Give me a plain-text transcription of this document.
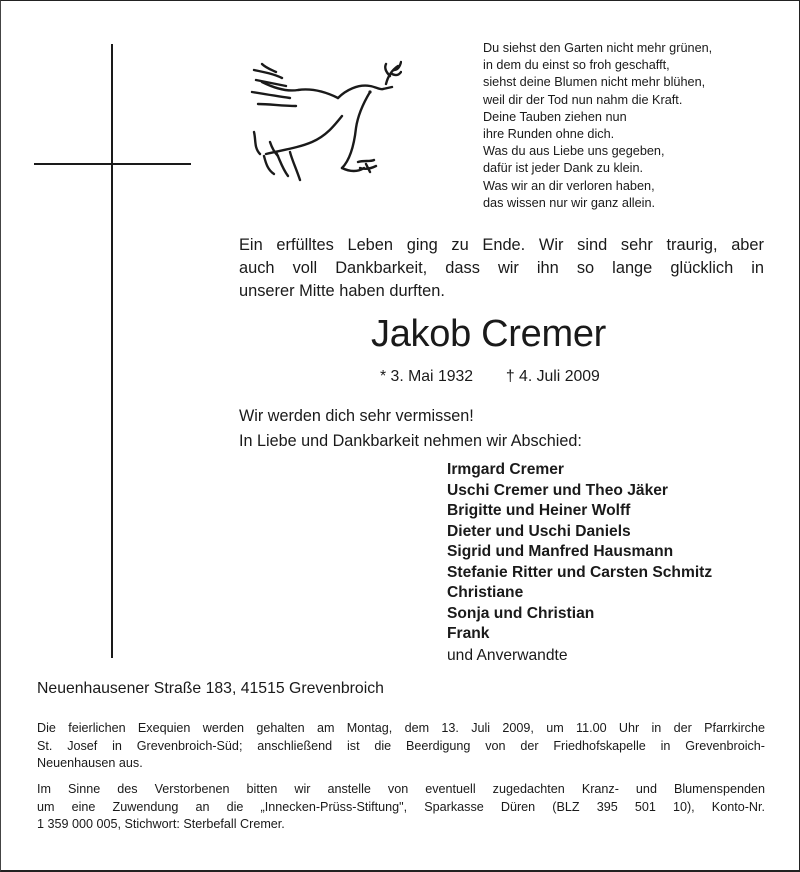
Du siehst den Garten nicht mehr grünen,
in dem du einst so froh geschafft,
siehst deine Blumen nicht mehr blühen,
weil dir der Tod nun nahm die Kraft.
Deine Tauben ziehen nun
ihre Runden ohne dich.
Was du aus Liebe uns gegeben,
dafür ist jeder Dank zu klein.
Was wir an dir verloren haben,
das wissen nur wir ganz allein.
Ein erfülltes Leben ging zu Ende. Wir sind sehr traurig, aber
auch voll Dankbarkeit, dass wir ihn so lange glücklich in
unserer Mitte haben durften.
Jakob Cremer
* 3. Mai 1932 † 4. Juli 2009
Wir werden dich sehr vermissen!
In Liebe und Dankbarkeit nehmen wir Abschied:
Irmgard Cremer
Uschi Cremer und Theo Jäker
Brigitte und Heiner Wolff
Dieter und Uschi Daniels
Sigrid und Manfred Hausmann
Stefanie Ritter und Carsten Schmitz
Christiane
Sonja und Christian
Frank
und Anverwandte
Neuenhausener Straße 183, 41515 Grevenbroich
Die feierlichen Exequien werden gehalten am Montag, dem 13. Juli 2009, um 11.00 Uhr in der Pfarrkirche
St. Josef in Grevenbroich-Süd; anschließend ist die Beerdigung von der Friedhofskapelle in Grevenbroich-
Neuenhausen aus.
Im Sinne des Verstorbenen bitten wir anstelle von eventuell zugedachten Kranz- und Blumenspenden
um eine Zuwendung an die „Innecken-Prüss-Stiftung", Sparkasse Düren (BLZ 395 501 10), Konto-Nr.
1 359 000 005, Stichwort: Sterbefall Cremer.
